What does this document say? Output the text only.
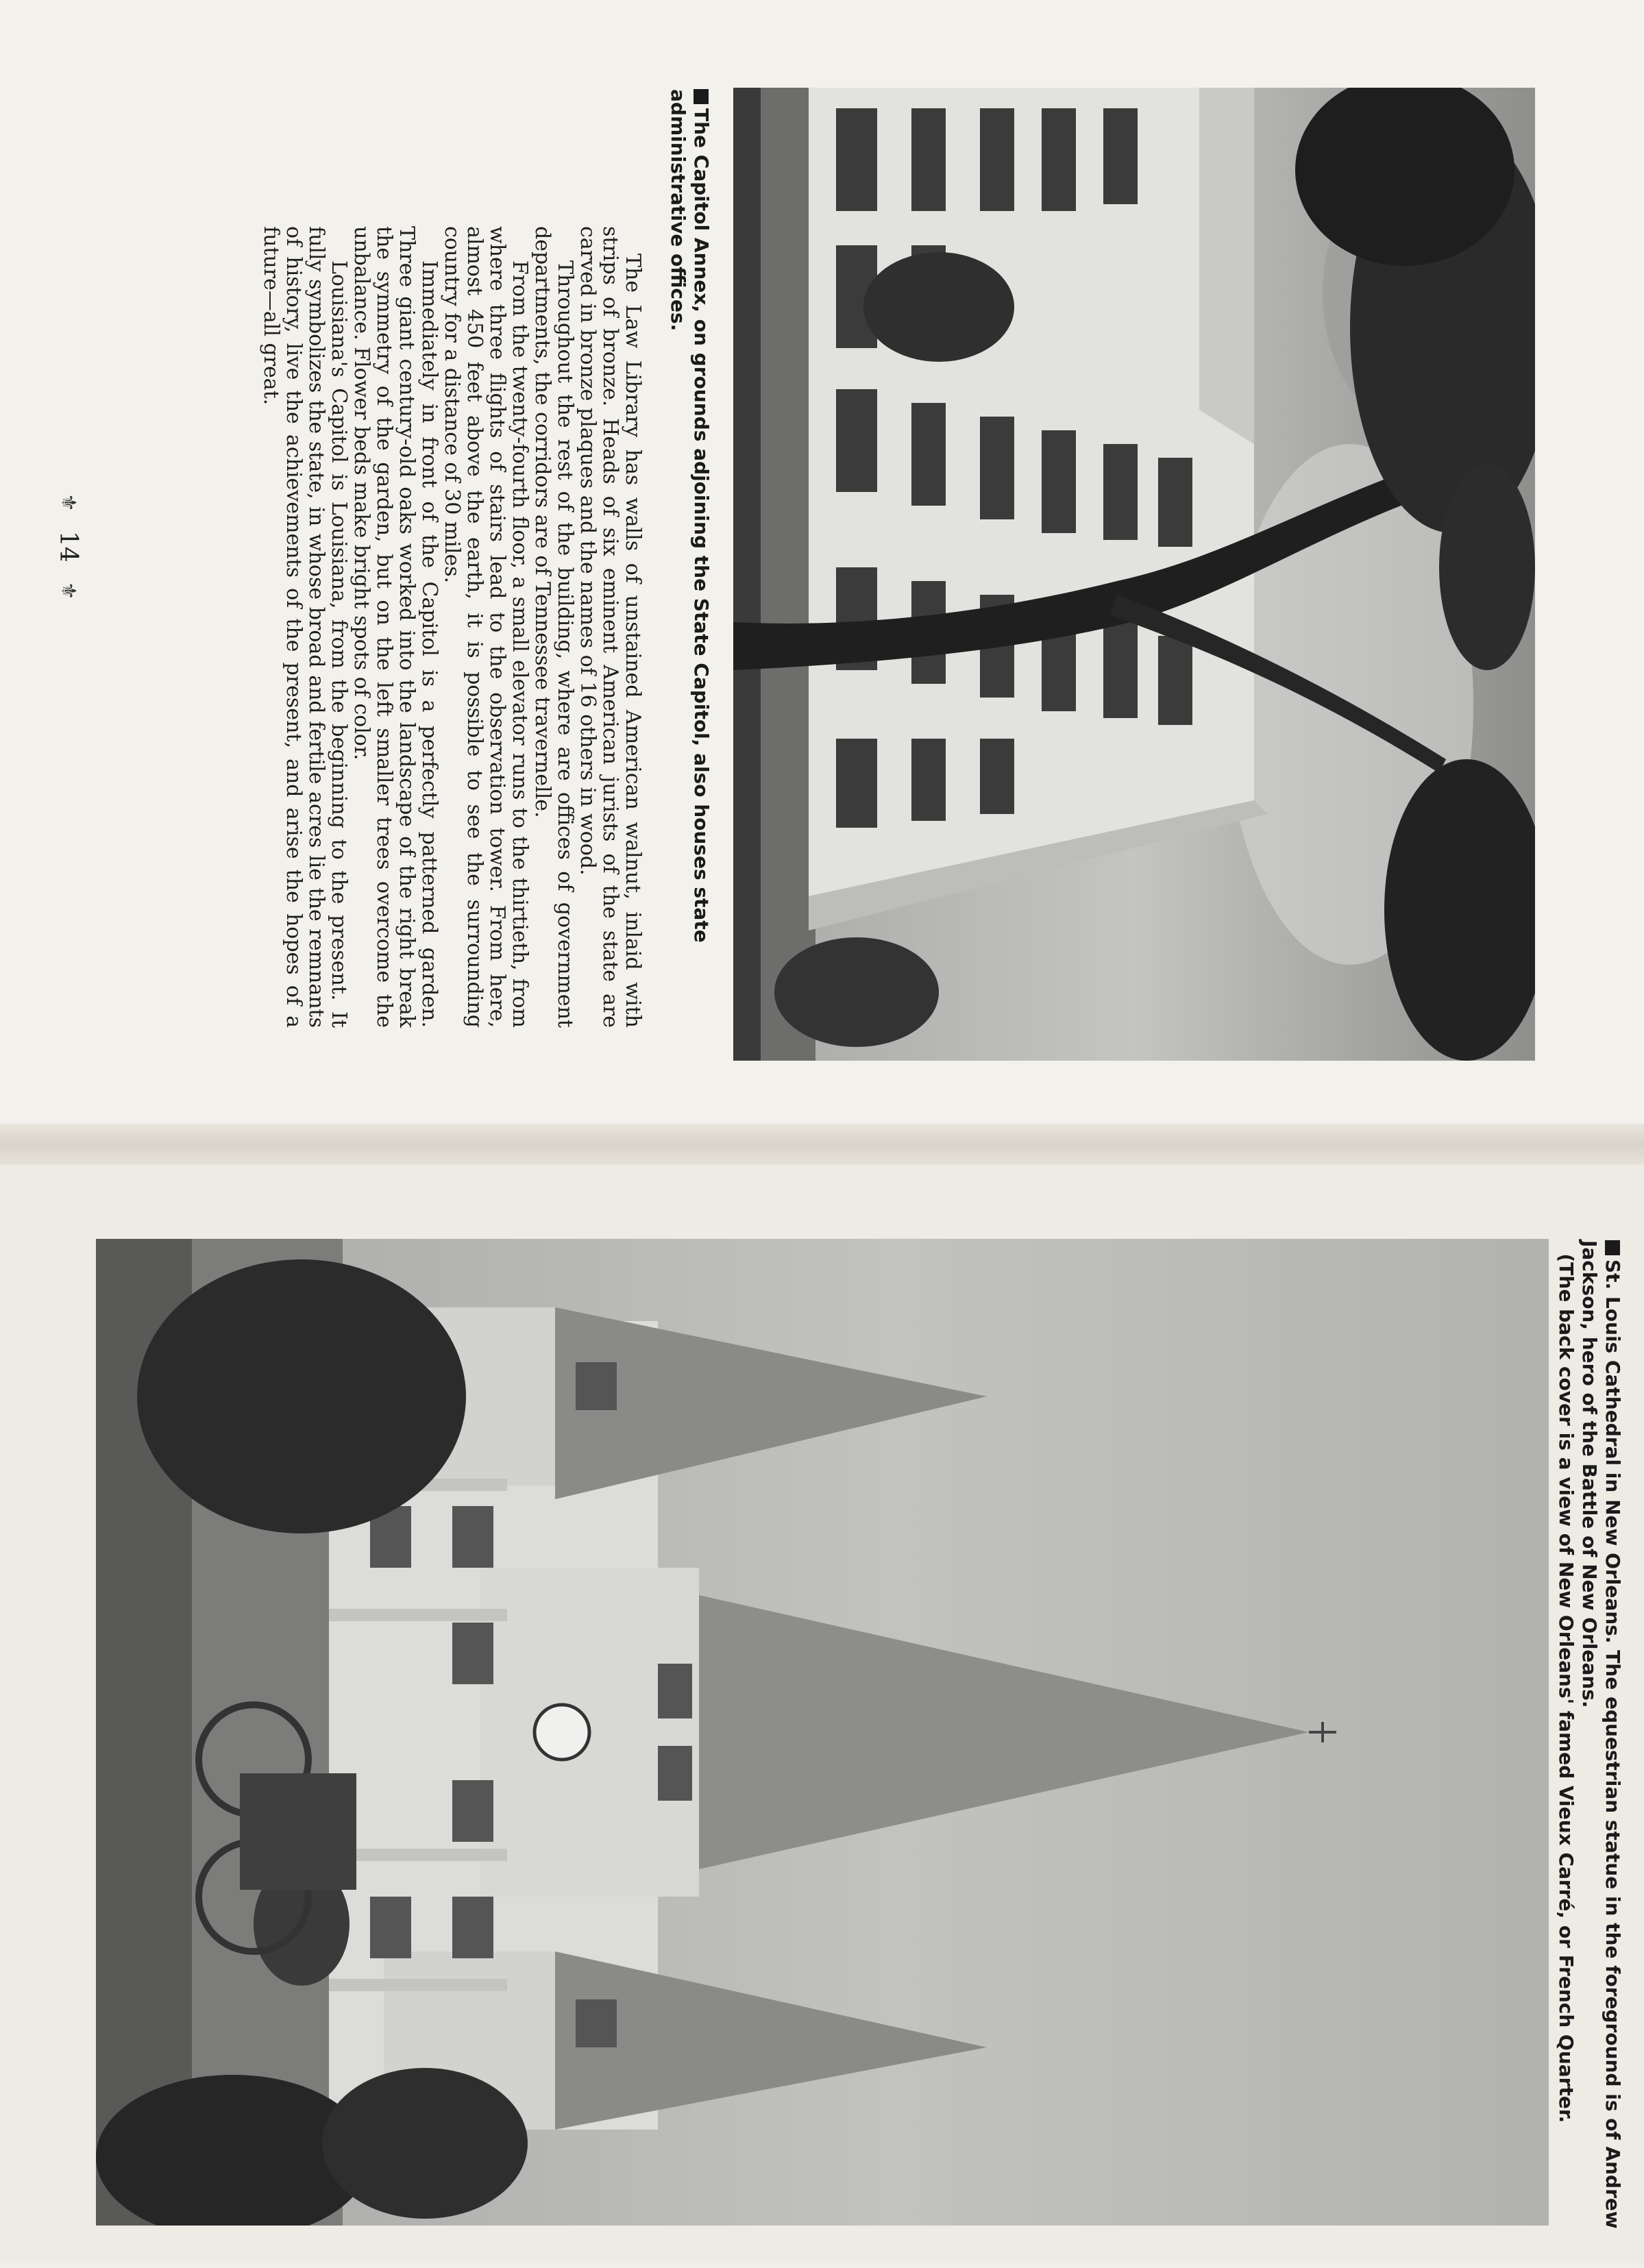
The Capitol Annex, on grounds adjoining the State Capitol, also houses state administrative offices.

The Law Library has walls of unstained American walnut, inlaid with strips of bronze. Heads of six eminent American jurists of the state are carved in bronze plaques and the names of 16 others in wood.

Throughout the rest of the building, where are offices of government departments, the corridors are of Tennessee travernelle.

From the twenty-fourth floor, a small elevator runs to the thirtieth, from where three flights of stairs lead to the observation tower. From here, almost 450 feet above the earth, it is possible to see the surrounding country for a distance of 30 miles.

Immediately in front of the Capitol is a perfectly patterned garden. Three giant century-old oaks worked into the landscape of the right break the symmetry of the garden, but on the left smaller trees overcome the unbalance. Flower beds make bright spots of color.

Louisiana's Capitol is Louisiana, from the beginning to the present. It fully symbolizes the state, in whose broad and fertile acres lie the remnants of history, live the achievements of the present, and arise the hopes of a future—all great.

⚜
14
⚜

St. Louis Cathedral in New Orleans. The equestrian statue in the foreground is of Andrew
Jackson, hero of the Battle of New Orleans.
(The back cover is a view of New Orleans' famed Vieux Carré, or French Quarter.
